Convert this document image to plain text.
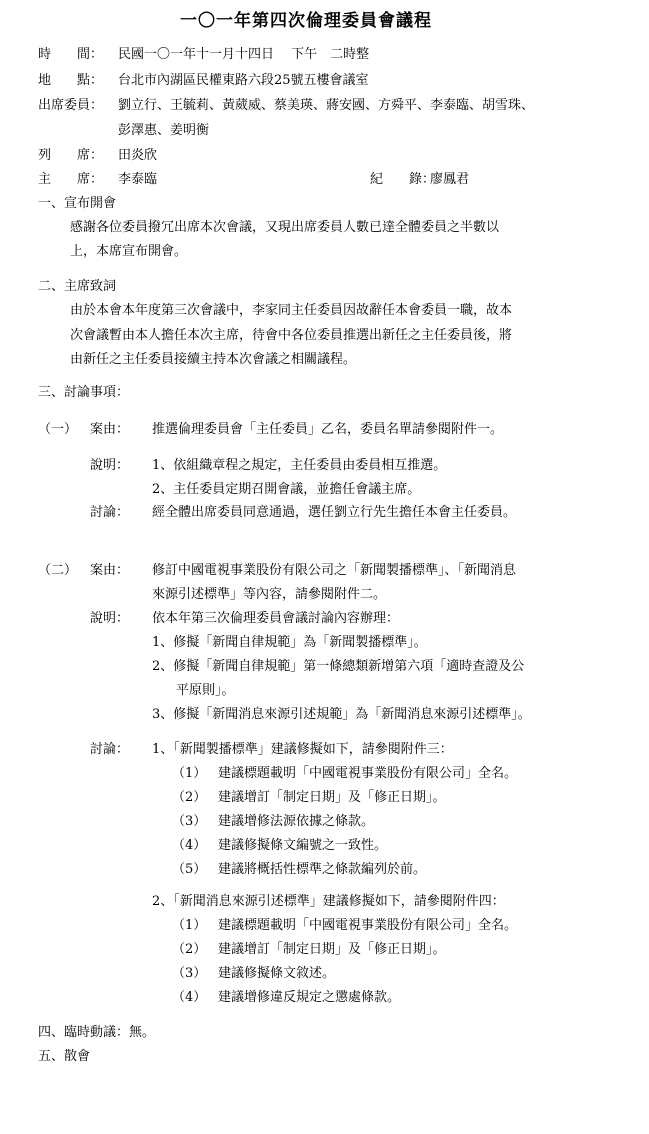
一〇一年第四次倫理委員會議程
時　　間： 民國一〇一年十一月十四日　 下午　二時整
地　　點： 台北市內湖區民權東路六段25號五樓會議室
出席委員： 劉立行、王毓莉、黃葳威、蔡美瑛、蔣安國、方舜平、李泰臨、胡雪珠、
彭澤惠、姜明衡
列　　席： 田炎欣
主　　席： 李泰臨	紀　　錄：
廖鳳君
一、宣布開會
感謝各位委員撥冗出席本次會議，又現出席委員人數已達全體委員之半數以
上，本席宣布開會。
二、主席致詞
由於本會本年度第三次會議中，李家同主任委員因故辭任本會委員一職，故本
次會議暫由本人擔任本次主席，待會中各位委員推選出新任之主任委員後，將
由新任之主任委員接續主持本次會議之相關議程。
三、討論事項：
（一） 案由： 推選倫理委員會「主任委員」乙名，委員名單請參閱附件一。
說明： 1、依組織章程之規定，主任委員由委員相互推選。
2、主任委員定期召開會議，並擔任會議主席。
討論： 經全體出席委員同意通過，選任劉立行先生擔任本會主任委員。
（二） 案由： 修訂中國電視事業股份有限公司之「新聞製播標準」、「新聞消息
來源引述標準」等內容，請參閱附件二。
說明： 依本年第三次倫理委員會議討論內容辦理：
1、修擬「新聞自律規範」為「新聞製播標準」。
2、修擬「新聞自律規範」第一條總類新增第六項「適時查證及公
平原則」。
3、修擬「新聞消息來源引述規範」為「新聞消息來源引述標準」。
討論： 1、「新聞製播標準」建議修擬如下，請參閱附件三：
（1） 建議標題載明「中國電視事業股份有限公司」全名。
（2） 建議增訂「制定日期」及「修正日期」。
（3） 建議增修法源依據之條款。
（4） 建議修擬條文編號之一致性。
（5） 建議將概括性標準之條款編列於前。
2、「新聞消息來源引述標準」建議修擬如下，請參閱附件四：
（1） 建議標題載明「中國電視事業股份有限公司」全名。
（2） 建議增訂「制定日期」及「修正日期」。
（3） 建議修擬條文敘述。
（4） 建議增修違反規定之懲處條款。
四、臨時動議：無。
五、散會
